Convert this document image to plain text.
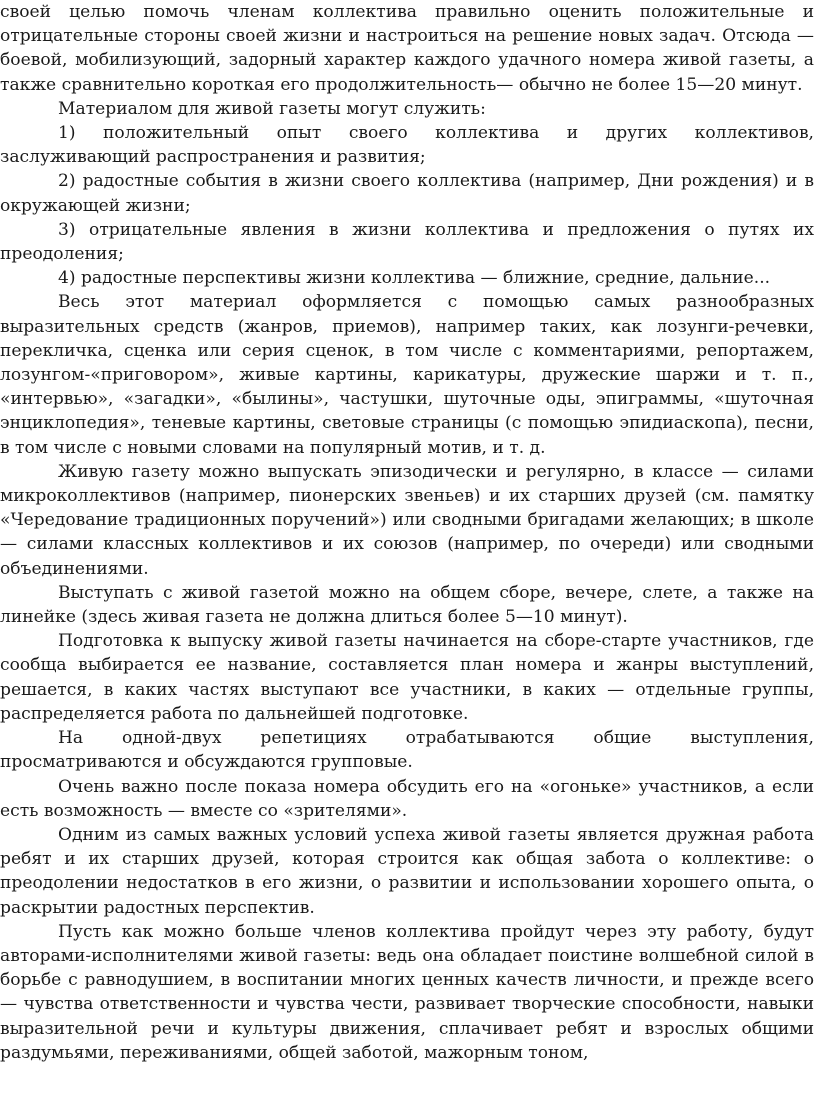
своей целью помочь членам коллектива правильно оценить положительные и отрицательные стороны своей жизни и настроиться на решение новых задач. Отсюда — боевой, мобилизующий, задорный характер каждого удачного номера живой газеты, а также сравнительно короткая его продолжительность— обычно не более 15—20 минут.

Материалом для живой газеты могут служить:

1) положительный опыт своего коллектива и других коллективов, заслуживающий распространения и развития;

2) радостные события в жизни своего коллектива (например, Дни рождения) и в окружающей жизни;

3) отрицательные явления в жизни коллектива и предложения о путях их преодоления;

4) радостные перспективы жизни коллектива — ближние, средние, дальние...

Весь этот материал оформляется с помощью самых разнообразных выразительных средств (жанров, приемов), например таких, как лозунги-речевки, перекличка, сценка или серия сценок, в том числе с комментариями, репортажем, лозунгом-«приговором», живые картины, карикатуры, дружеские шаржи и т. п., «интервью», «загадки», «былины», частушки, шуточные оды, эпиграммы, «шуточная энциклопедия», теневые картины, световые страницы (с помощью эпидиаскопа), песни, в том числе с новыми словами на популярный мотив, и т. д.

Живую газету можно выпускать эпизодически и регулярно, в классе — силами микроколлективов (например, пионерских звеньев) и их старших друзей (см. памятку «Чередование традиционных поручений») или сводными бригадами желающих; в школе — силами классных коллективов и их союзов (например, по очереди) или сводными объединениями.

Выступать с живой газетой можно на общем сборе, вечере, слете, а также на линейке (здесь живая газета не должна длиться более 5—10 минут).

Подготовка к выпуску живой газеты начинается на сборе-старте участников, где сообща выбирается ее название, составляется план номера и жанры выступлений, решается, в каких частях выступают все участники, в каких — отдельные группы, распределяется работа по дальнейшей подготовке.

На одной-двух репетициях отрабатываются общие выступления, просматриваются и обсуждаются групповые.

Очень важно после показа номера обсудить его на «огоньке» участников, а если есть возможность — вместе со «зрителями».

Одним из самых важных условий успеха живой газеты является дружная работа ребят и их старших друзей, которая строится как общая забота о коллективе: о преодолении недостатков в его жизни, о развитии и использовании хорошего опыта, о раскрытии радостных перспектив.

Пусть как можно больше членов коллектива пройдут через эту работу, будут авторами-исполнителями живой газеты: ведь она обладает поистине волшебной силой в борьбе с равнодушием, в воспитании многих ценных качеств личности, и прежде всего — чувства ответственности и чувства чести, развивает творческие способности, навыки выразительной речи и культуры движения, сплачивает ребят и взрослых общими раздумьями, переживаниями, общей заботой, мажорным тоном,
